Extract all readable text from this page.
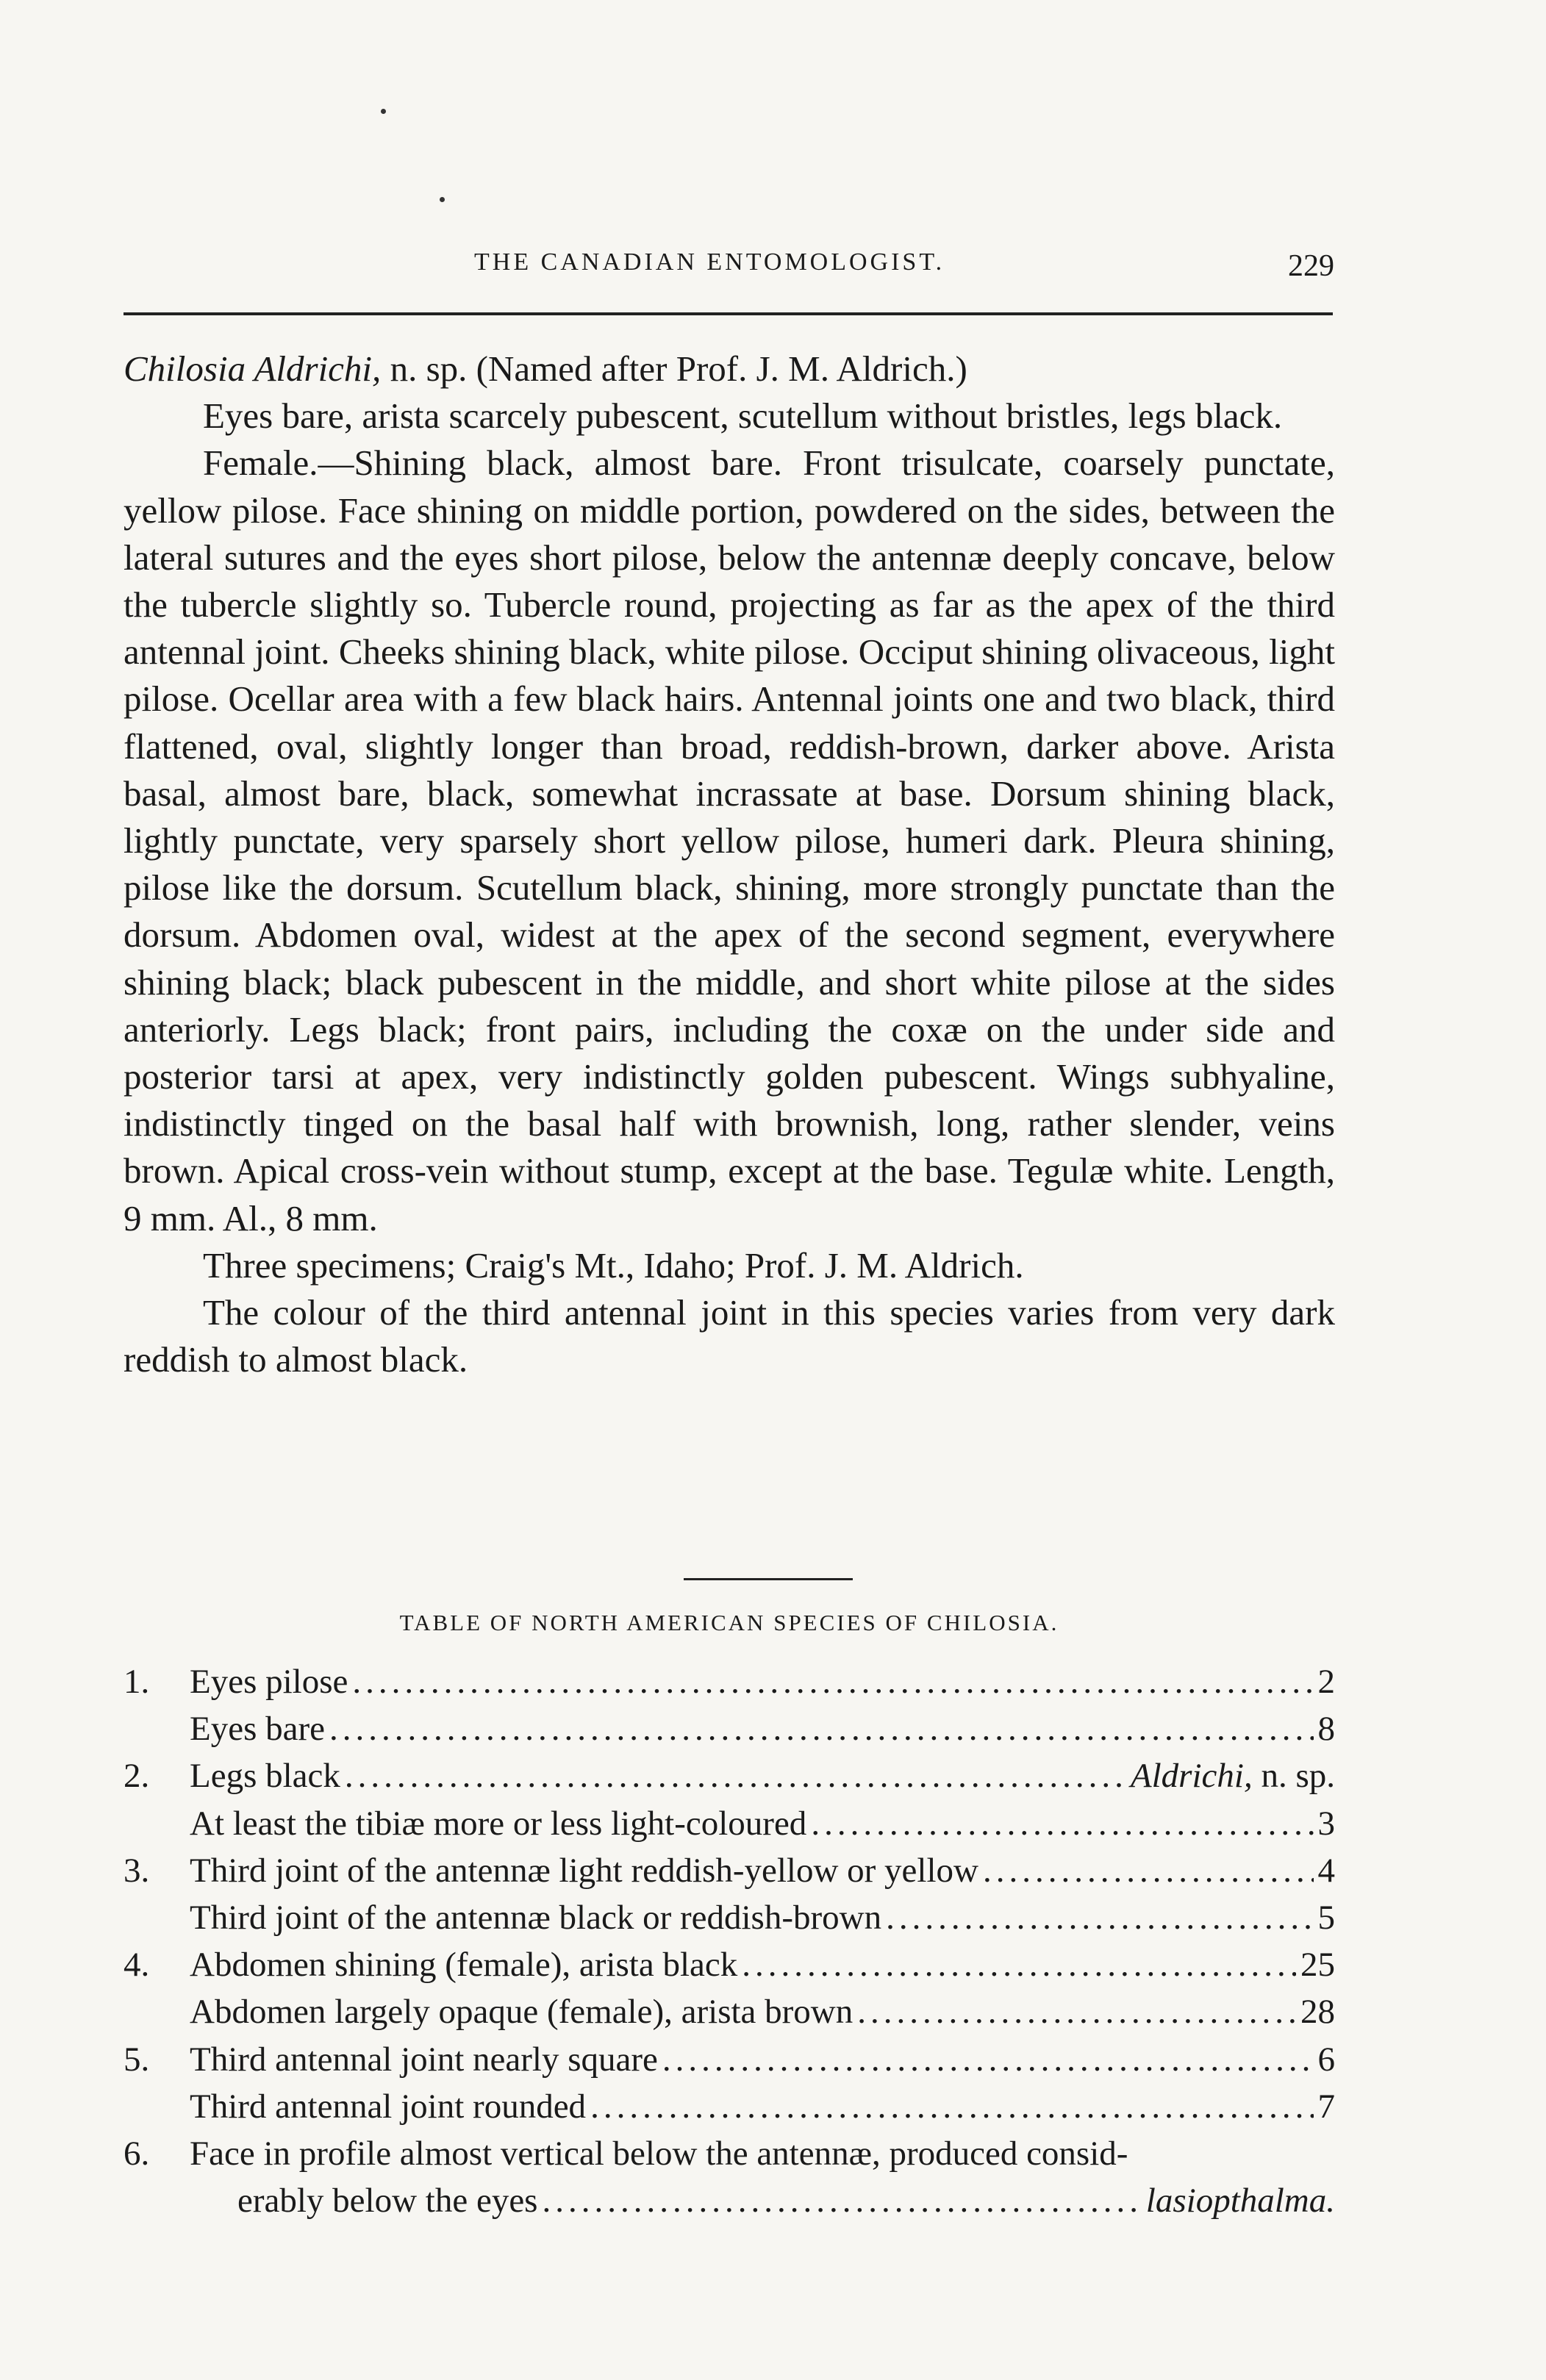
THE CANADIAN ENTOMOLOGIST.	229

Chilosia Aldrichi, n. sp. (Named after Prof. J. M. Aldrich.)

Eyes bare, arista scarcely pubescent, scutellum without bristles, legs black.

Female.—Shining black, almost bare. Front trisulcate, coarsely punctate, yellow pilose. Face shining on middle portion, powdered on the sides, between the lateral sutures and the eyes short pilose, below the antennæ deeply concave, below the tubercle slightly so. Tubercle round, projecting as far as the apex of the third antennal joint. Cheeks shining black, white pilose. Occiput shining olivaceous, light pilose. Ocellar area with a few black hairs. Antennal joints one and two black, third flattened, oval, slightly longer than broad, reddish-brown, darker above. Arista basal, almost bare, black, somewhat incrassate at base. Dorsum shining black, lightly punctate, very sparsely short yellow pilose, humeri dark. Pleura shining, pilose like the dorsum. Scutellum black, shining, more strongly punctate than the dorsum. Abdomen oval, widest at the apex of the second segment, everywhere shining black; black pubescent in the middle, and short white pilose at the sides anteriorly. Legs black; front pairs, including the coxæ on the under side and posterior tarsi at apex, very indistinctly golden pubescent. Wings subhyaline, indistinctly tinged on the basal half with brownish, long, rather slender, veins brown. Apical cross-vein without stump, except at the base. Tegulæ white. Length, 9 mm. Al., 8 mm.

Three specimens; Craig's Mt., Idaho; Prof. J. M. Aldrich.

The colour of the third antennal joint in this species varies from very dark reddish to almost black.

TABLE OF NORTH AMERICAN SPECIES OF CHILOSIA.
1.	Eyes pilose .....	2
Eyes bare .....	8
2.	Legs black .....	Aldrichi, n. sp.
At least the tibiæ more or less light-coloured .....	3
3.	Third joint of the antennæ light reddish-yellow or yellow .....	4
Third joint of the antennæ black or reddish-brown .....	5
4.	Abdomen shining (female), arista black .....	25
Abdomen largely opaque (female), arista brown .....	28
5.	Third antennal joint nearly square .....	6
Third antennal joint rounded .....	7
6.	Face in profile almost vertical below the antennæ, produced consid-
erably below the eyes .....	lasiopthalma.
